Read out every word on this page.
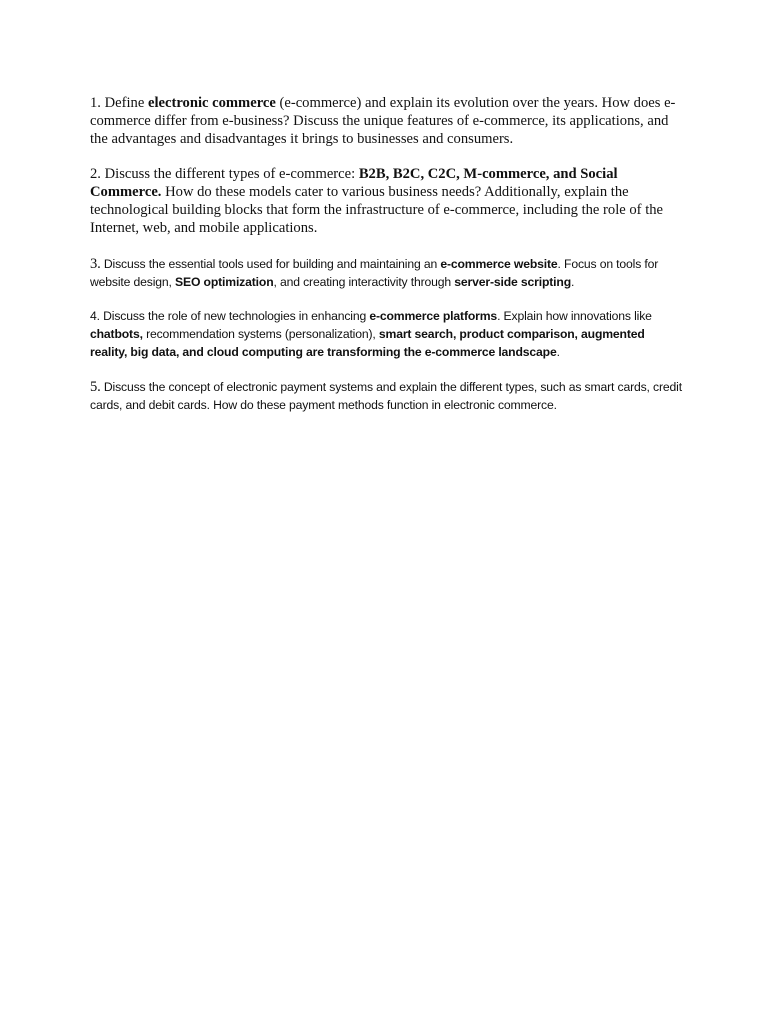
1. Define electronic commerce (e-commerce) and explain its evolution over the years. How does e-commerce differ from e-business? Discuss the unique features of e-commerce, its applications, and the advantages and disadvantages it brings to businesses and consumers.

2. Discuss the different types of e-commerce: B2B, B2C, C2C, M-commerce, and Social Commerce. How do these models cater to various business needs? Additionally, explain the technological building blocks that form the infrastructure of e-commerce, including the role of the Internet, web, and mobile applications.

3. Discuss the essential tools used for building and maintaining an e-commerce website. Focus on tools for website design, SEO optimization, and creating interactivity through server-side scripting.

4. Discuss the role of new technologies in enhancing e-commerce platforms. Explain how innovations like chatbots, recommendation systems (personalization), smart search, product comparison, augmented reality, big data, and cloud computing are transforming the e-commerce landscape.

5. Discuss the concept of electronic payment systems and explain the different types, such as smart cards, credit cards, and debit cards. How do these payment methods function in electronic commerce.
